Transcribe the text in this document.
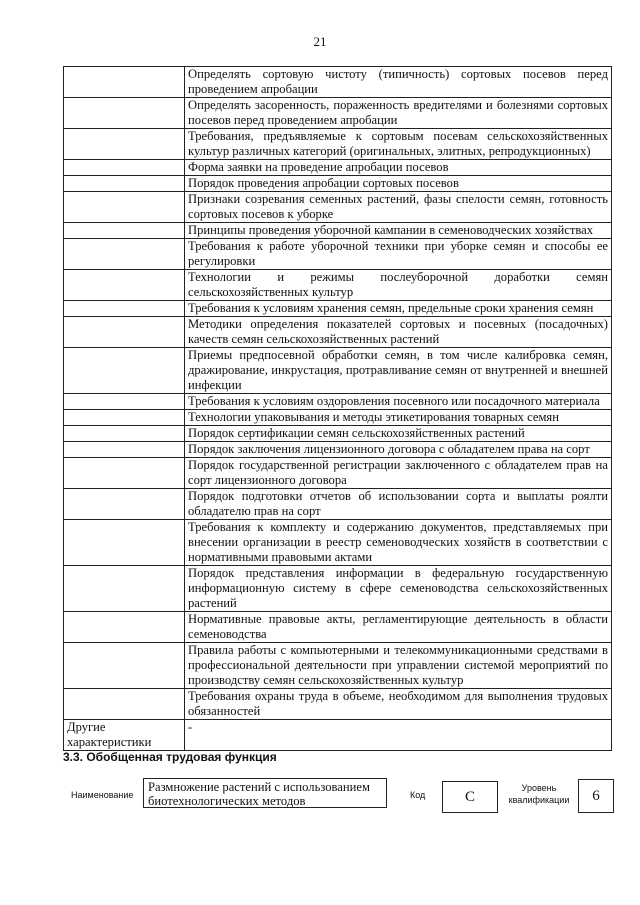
21
	Определять сортовую чистоту (типичность) сортовых посевов перед проведением апробации
	Определять засоренность, пораженность вредителями и болезнями сортовых посевов перед проведением апробации
	Требования, предъявляемые к сортовым посевам сельскохозяйственных культур различных категорий (оригинальных, элитных, репродукционных)
	Форма заявки на проведение апробации посевов
	Порядок проведения апробации сортовых посевов
	Признаки созревания семенных растений, фазы спелости семян, готовность сортовых посевов к уборке
	Принципы проведения уборочной кампании в семеноводческих хозяйствах
	Требования к работе уборочной техники при уборке семян и способы ее регулировки
	Технологии и режимы послеуборочной доработки семян сельскохозяйственных культур
	Требования к условиям хранения семян, предельные сроки хранения семян
	Методики определения показателей сортовых и посевных (посадочных) качеств семян сельскохозяйственных растений
	Приемы предпосевной обработки семян, в том числе калибровка семян, дражирование, инкрустация, протравливание семян от внутренней и внешней инфекции
	Требования к условиям оздоровления посевного или посадочного материала
	Технологии упаковывания и методы этикетирования товарных семян
	Порядок сертификации семян сельскохозяйственных растений
	Порядок заключения лицензионного договора с обладателем права на сорт
	Порядок государственной регистрации заключенного с обладателем прав на сорт лицензионного договора
	Порядок подготовки отчетов об использовании сорта и выплаты роялти обладателю прав на сорт
	Требования к комплекту и содержанию документов, представляемых при внесении организации в реестр семеноводческих хозяйств в соответствии с нормативными правовыми актами
	Порядок представления информации в федеральную государственную информационную систему в сфере семеноводства сельскохозяйственных растений
	Нормативные правовые акты, регламентирующие деятельность в области семеноводства
	Правила работы с компьютерными и телекоммуникационными средствами в профессиональной деятельности при управлении системой мероприятий по производству семян сельскохозяйственных культур
	Требования охраны труда в объеме, необходимом для выполнения трудовых обязанностей
Другие характеристики	-
3.3. Обобщенная трудовая функция
Наименование
Размножение растений с использованием биотехнологических методов	Код	С
Уровень квалификации	6
